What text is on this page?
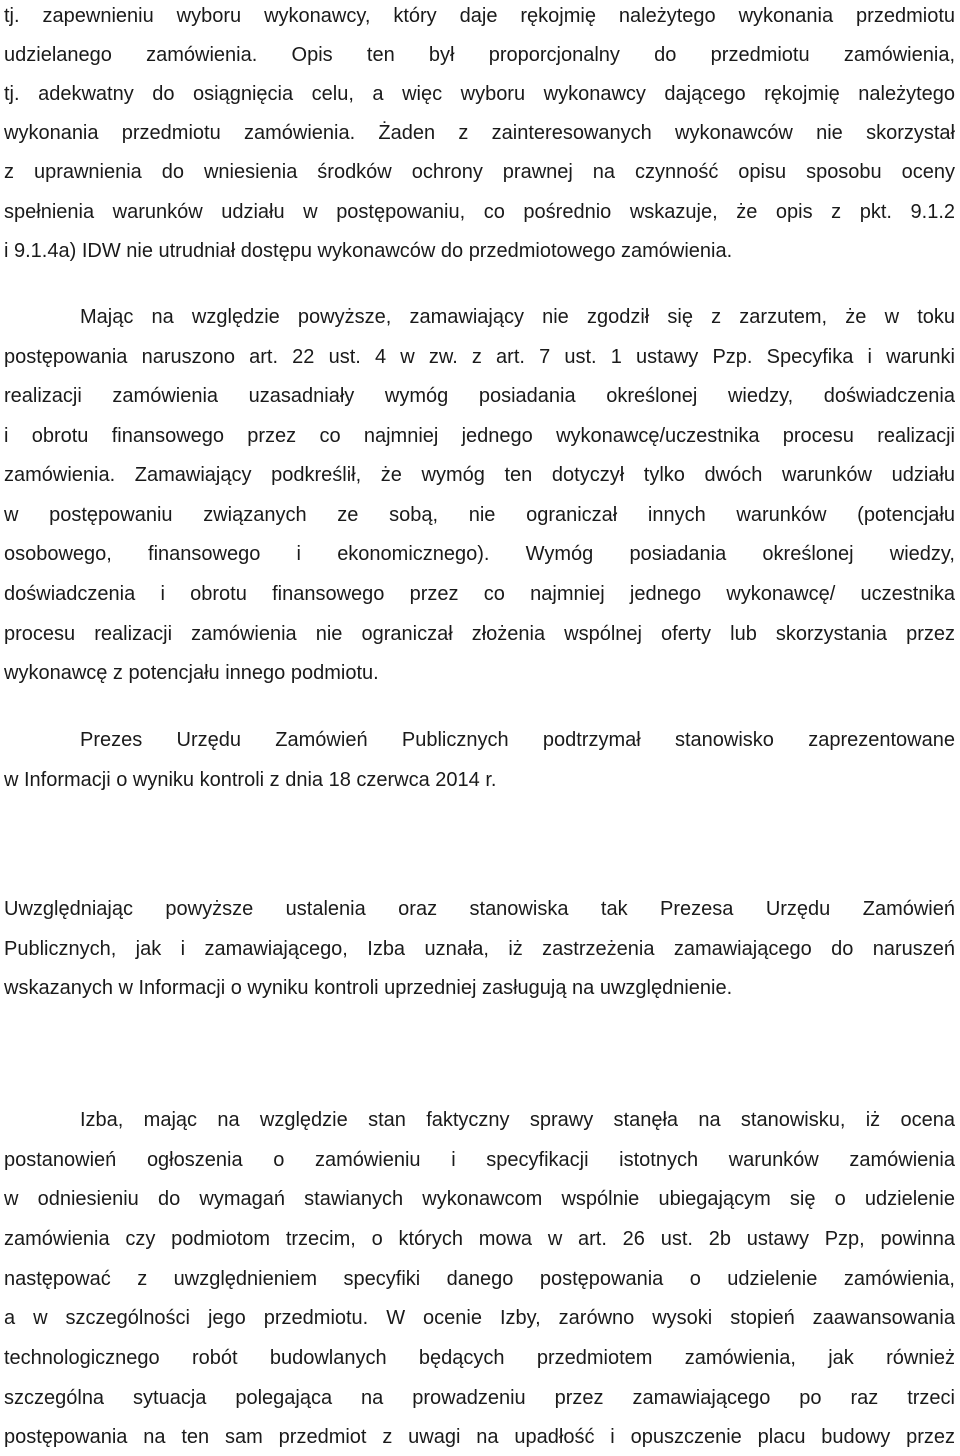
tj. zapewnieniu wyboru wykonawcy, który daje rękojmię należytego wykonania przedmiotu
udzielanego zamówienia. Opis ten był proporcjonalny do przedmiotu zamówienia,
tj. adekwatny do osiągnięcia celu, a więc wyboru wykonawcy dającego rękojmię należytego
wykonania przedmiotu zamówienia. Żaden z zainteresowanych wykonawców nie skorzystał
z uprawnienia do wniesienia środków ochrony prawnej na czynność opisu sposobu oceny
spełnienia warunków udziału w postępowaniu, co pośrednio wskazuje, że opis z pkt. 9.1.2
i 9.1.4a) IDW nie utrudniał dostępu wykonawców do przedmiotowego zamówienia.
Mając na względzie powyższe, zamawiający nie zgodził się z zarzutem, że w toku
postępowania naruszono art. 22 ust. 4 w zw. z art. 7 ust. 1 ustawy Pzp. Specyfika i warunki
realizacji zamówienia uzasadniały wymóg posiadania określonej wiedzy, doświadczenia
i obrotu finansowego przez co najmniej jednego wykonawcę/uczestnika procesu realizacji
zamówienia. Zamawiający podkreślił, że wymóg ten dotyczył tylko dwóch warunków udziału
w postępowaniu związanych ze sobą, nie ograniczał innych warunków (potencjału
osobowego, finansowego i ekonomicznego). Wymóg posiadania określonej wiedzy,
doświadczenia i obrotu finansowego przez co najmniej jednego wykonawcę/ uczestnika
procesu realizacji zamówienia nie ograniczał złożenia wspólnej oferty lub skorzystania przez
wykonawcę z potencjału innego podmiotu.
Prezes Urzędu Zamówień Publicznych podtrzymał stanowisko zaprezentowane
w Informacji o wyniku kontroli z dnia 18 czerwca 2014 r.
Uwzględniając powyższe ustalenia oraz stanowiska tak Prezesa Urzędu Zamówień
Publicznych, jak i zamawiającego, Izba uznała, iż zastrzeżenia zamawiającego do naruszeń
wskazanych w Informacji o wyniku kontroli uprzedniej zasługują na uwzględnienie.
Izba, mając na względzie stan faktyczny sprawy stanęła na stanowisku, iż ocena
postanowień ogłoszenia o zamówieniu i specyfikacji istotnych warunków zamówienia
w odniesieniu do wymagań stawianych wykonawcom wspólnie ubiegającym się o udzielenie
zamówienia czy podmiotom trzecim, o których mowa w art. 26 ust. 2b ustawy Pzp, powinna
następować z uwzględnieniem specyfiki danego postępowania o udzielenie zamówienia,
a w szczególności jego przedmiotu. W ocenie Izby, zarówno wysoki stopień zaawansowania
technologicznego robót budowlanych będących przedmiotem zamówienia, jak również
szczególna sytuacja polegająca na prowadzeniu przez zamawiającego po raz trzeci
postępowania na ten sam przedmiot z uwagi na upadłość i opuszczenie placu budowy przez
